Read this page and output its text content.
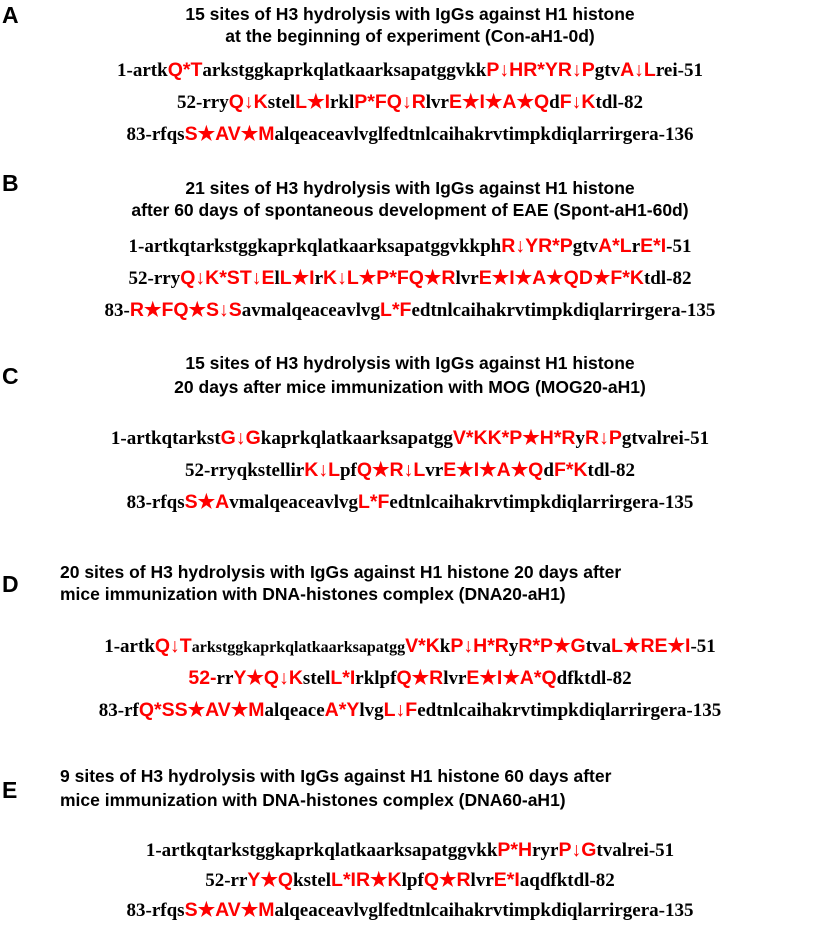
A	15 sites of H3 hydrolysis with IgGs against H1 histone
at the beginning of experiment (Con-aH1-0d)
1-artkQ*TarkstggkaprkqlatkaarksapatggvkkP↓HR*YR↓PgtvA↓Lrei-51
52-rryQ↓KstelL★IrklP*FQ↓RlvrE★I★A★QdF↓Ktdl-82
83-rfqsS★AV★Malqeaceavlvglfedtnlcaihakrvtimpkdiqlarrirgera-136
B	21 sites of H3 hydrolysis with IgGs against H1 histone
after 60 days of spontaneous development of EAE (Spont-aH1-60d)
1-artkqtarkstggkaprkqlatkaarksapatggvkkphR↓YR*PgtvA*LrE*I-51
52-rryQ↓K*ST↓ElL★IrK↓L★P*FQ★RlvrE★I★A★QD★F*Ktdl-82
83-R★FQ★S↓SavmalqeaceavlvgL*Fedtnlcaihakrvtimpkdiqlarrirgera-135
C	15 sites of H3 hydrolysis with IgGs against H1 histone
20 days after mice immunization with MOG (MOG20-aH1)
1-artkqtarkstG↓GkaprkqlatkaarksapatggV*KK*P★H*RyR↓Pgtvalrei-51
52-rryqkstellirK↓LpfQ★R↓LvrE★I★A★QdF*Ktdl-82
83-rfqsS★AvmalqeaceavlvgL*Fedtnlcaihakrvtimpkdiqlarrirgera-135
D 20 sites of H3 hydrolysis with IgGs against H1 histone 20 days after
mice immunization with DNA-histones complex (DNA20-aH1)
1-artkQ↓TarkstggkaprkqlatkaarksapatggV*KkP↓H*RyR*P★GtvaL★RE★I-51
52-rrY★Q↓KstelL*IrklpfQ★RlvrE★I★A*Qdfktdl-82
83-rfQ*SS★AV★MalqeaceA*YlvgL↓Fedtnlcaihakrvtimpkdiqlarrirgera-135
E
9 sites of H3 hydrolysis with IgGs against H1 histone 60 days after
mice immunization with DNA-histones complex (DNA60-aH1)
1-artkqtarkstggkaprkqlatkaarksapatggvkkP*HryrP↓Gtvalrei-51
52-rrY★QkstelL*IR★KlpfQ★RlvrE*Iaqdfktdl-82
83-rfqsS★AV★Malqeaceavlvglfedtnlcaihakrvtimpkdiqlarrirgera-135
